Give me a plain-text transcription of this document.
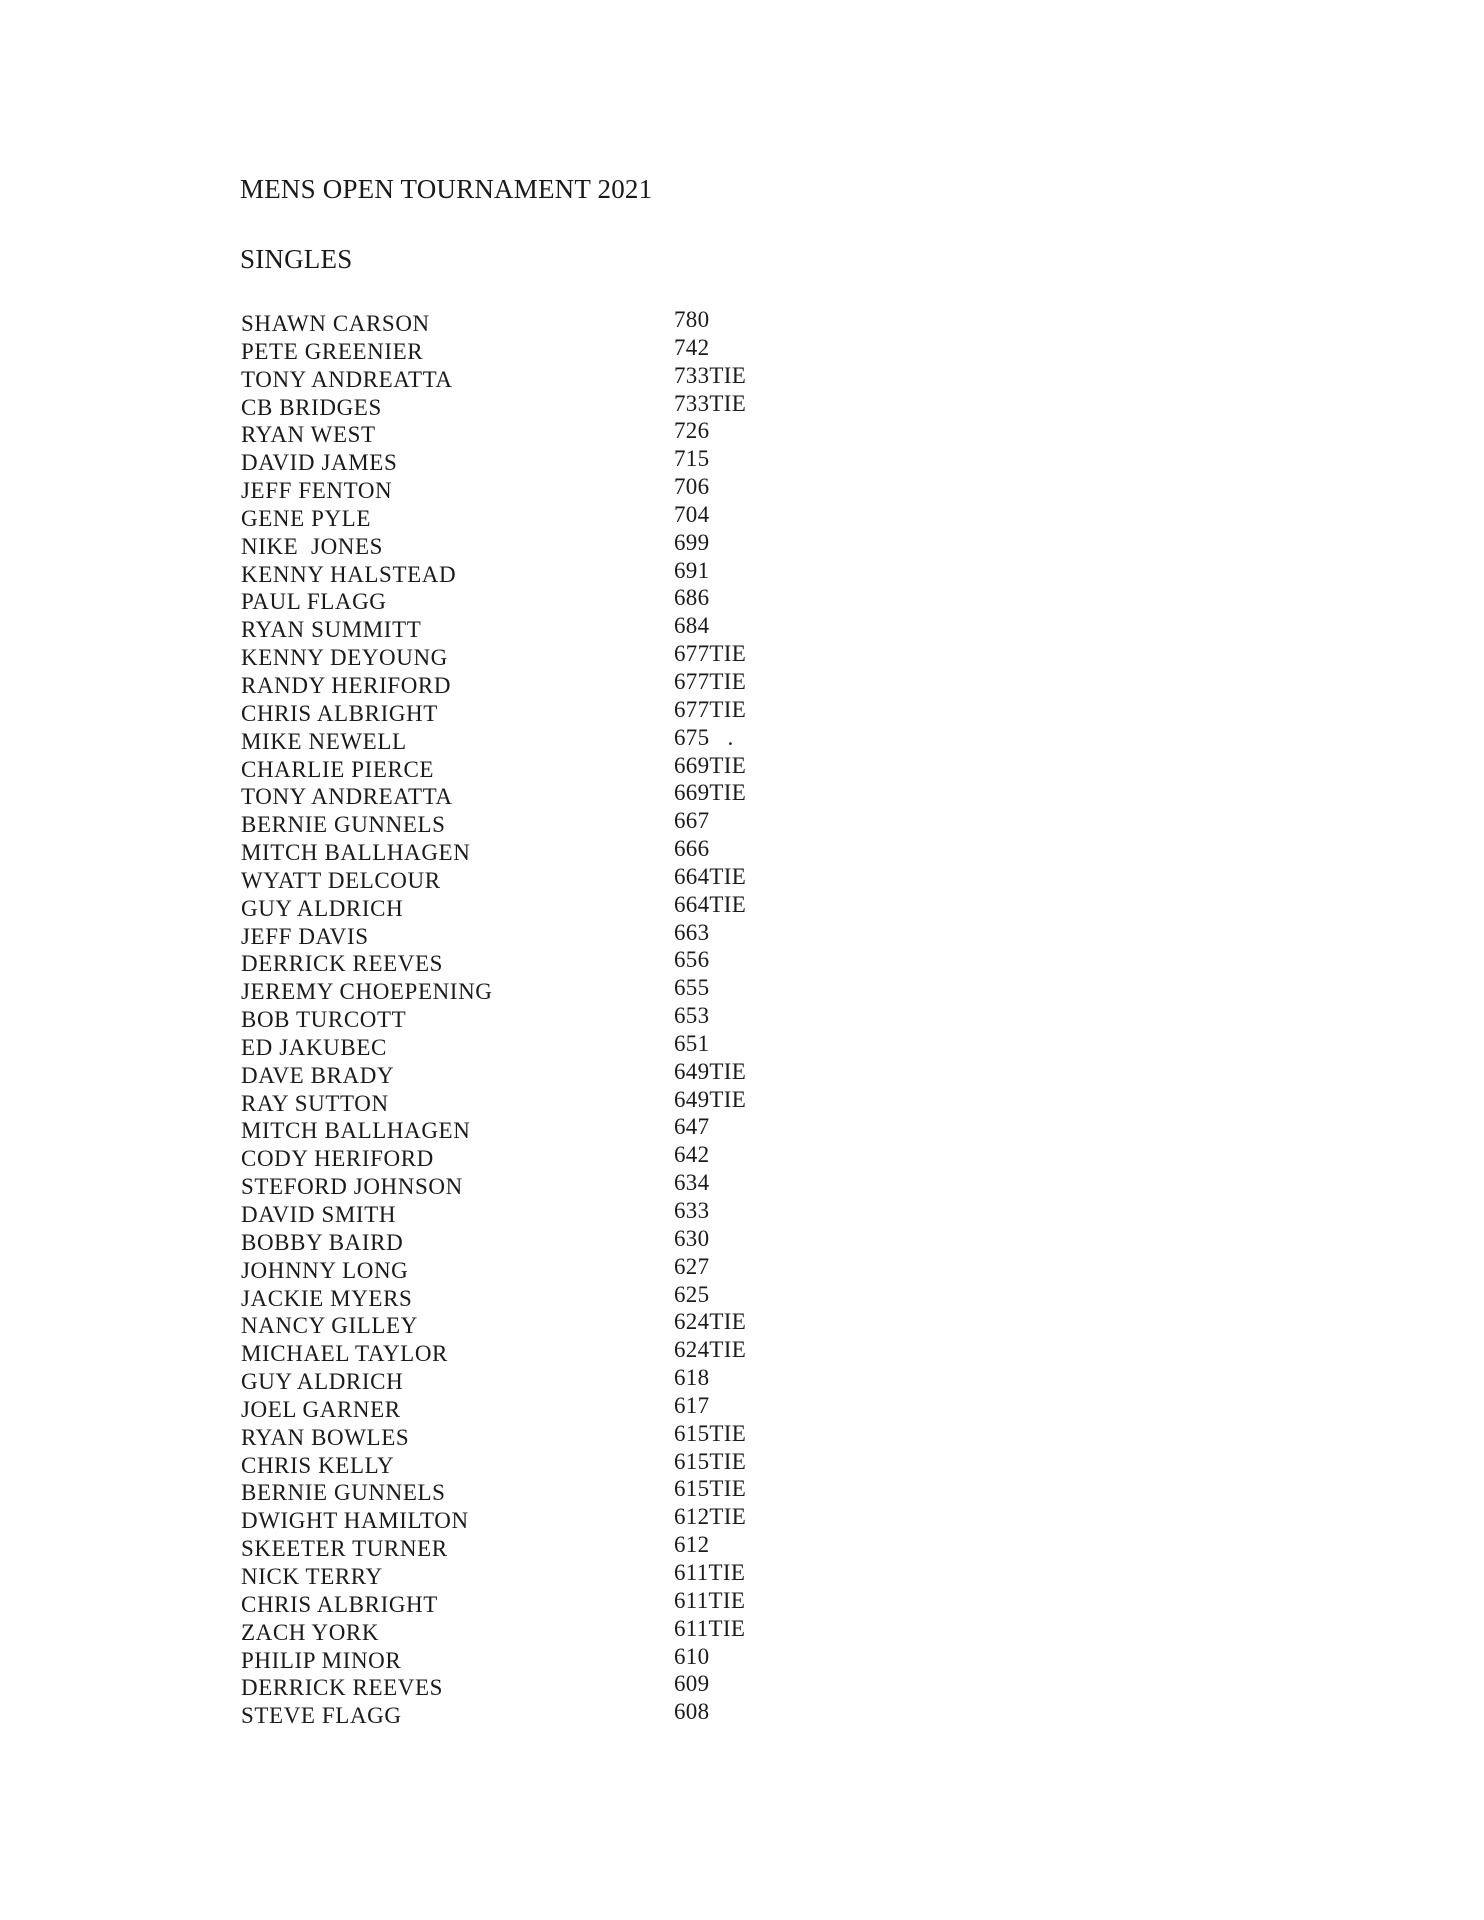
MENS OPEN TOURNAMENT 2021
SINGLES
SHAWN CARSON	780
PETE GREENIER	742
TONY ANDREATTA	733TIE
CB BRIDGES	733TIE
RYAN WEST	726
DAVID JAMES	715
JEFF FENTON	706
GENE PYLE	704
NIKE  JONES	699
KENNY HALSTEAD	691
PAUL FLAGG	686
RYAN SUMMITT	684
KENNY DEYOUNG	677TIE
RANDY HERIFORD	677TIE
CHRIS ALBRIGHT	677TIE
MIKE NEWELL	675   .
CHARLIE PIERCE	669TIE
TONY ANDREATTA	669TIE
BERNIE GUNNELS	667
MITCH BALLHAGEN	666
WYATT DELCOUR	664TIE
GUY ALDRICH	664TIE
JEFF DAVIS	663
DERRICK REEVES	656
JEREMY CHOEPENING	655
BOB TURCOTT	653
ED JAKUBEC	651
DAVE BRADY	649TIE
RAY SUTTON	649TIE
MITCH BALLHAGEN	647
CODY HERIFORD	642
STEFORD JOHNSON	634
DAVID SMITH	633
BOBBY BAIRD	630
JOHNNY LONG	627
JACKIE MYERS	625
NANCY GILLEY	624TIE
MICHAEL TAYLOR	624TIE
GUY ALDRICH	618
JOEL GARNER	617
RYAN BOWLES	615TIE
CHRIS KELLY	615TIE
BERNIE GUNNELS	615TIE
DWIGHT HAMILTON	612TIE
SKEETER TURNER	612
NICK TERRY	611TIE
CHRIS ALBRIGHT	611TIE
ZACH YORK	611TIE
PHILIP MINOR	610
DERRICK REEVES	609
STEVE FLAGG	608
